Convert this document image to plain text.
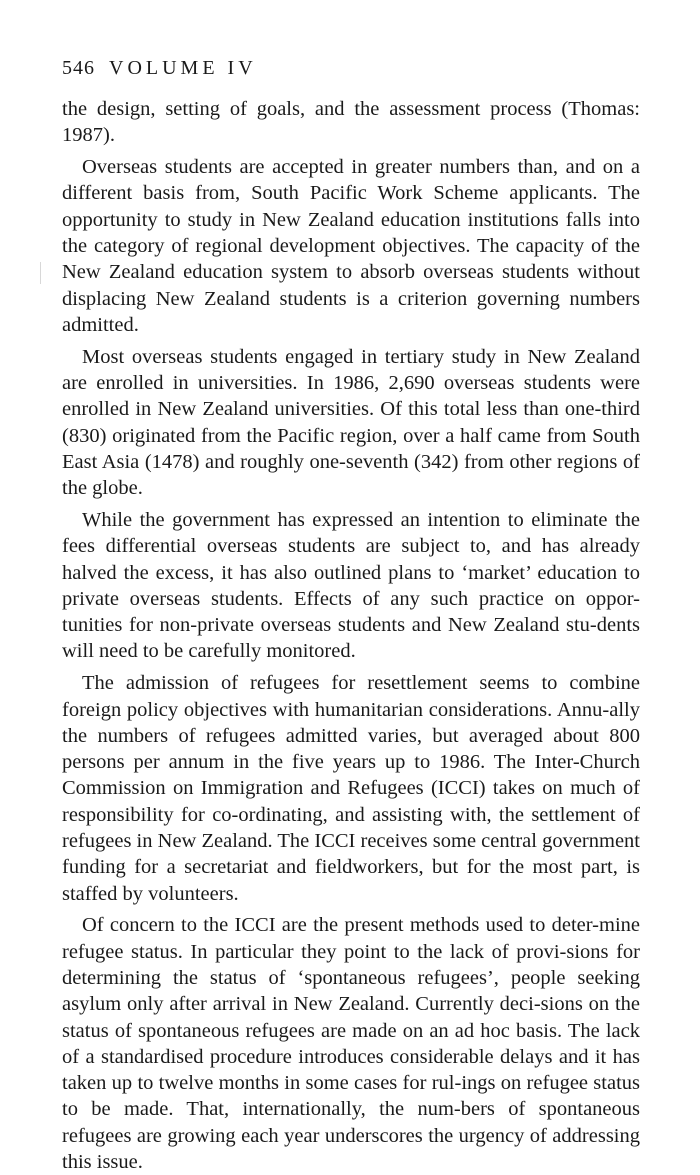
546 VOLUME IV

the design, setting of goals, and the assessment process (Thomas: 1987).

Overseas students are accepted in greater numbers than, and on a different basis from, South Pacific Work Scheme applicants. The opportunity to study in New Zealand education institutions falls into the category of regional development objectives. The capacity of the New Zealand education system to absorb overseas students without displacing New Zealand students is a criterion governing numbers admitted.

Most overseas students engaged in tertiary study in New Zealand are enrolled in universities. In 1986, 2,690 overseas students were enrolled in New Zealand universities. Of this total less than one-third (830) originated from the Pacific region, over a half came from South East Asia (1478) and roughly one-seventh (342) from other regions of the globe.

While the government has expressed an intention to eliminate the fees differential overseas students are subject to, and has already halved the excess, it has also outlined plans to ‘market’ education to private overseas students. Effects of any such practice on oppor-tunities for non-private overseas students and New Zealand stu-dents will need to be carefully monitored.

The admission of refugees for resettlement seems to combine foreign policy objectives with humanitarian considerations. Annu-ally the numbers of refugees admitted varies, but averaged about 800 persons per annum in the five years up to 1986. The Inter-Church Commission on Immigration and Refugees (ICCI) takes on much of responsibility for co-ordinating, and assisting with, the settlement of refugees in New Zealand. The ICCI receives some central government funding for a secretariat and fieldworkers, but for the most part, is staffed by volunteers.

Of concern to the ICCI are the present methods used to deter-mine refugee status. In particular they point to the lack of provi-sions for determining the status of ‘spontaneous refugees’, people seeking asylum only after arrival in New Zealand. Currently deci-sions on the status of spontaneous refugees are made on an ad hoc basis. The lack of a standardised procedure introduces considerable delays and it has taken up to twelve months in some cases for rul-ings on refugee status to be made. That, internationally, the num-bers of spontaneous refugees are growing each year underscores the urgency of addressing this issue.
